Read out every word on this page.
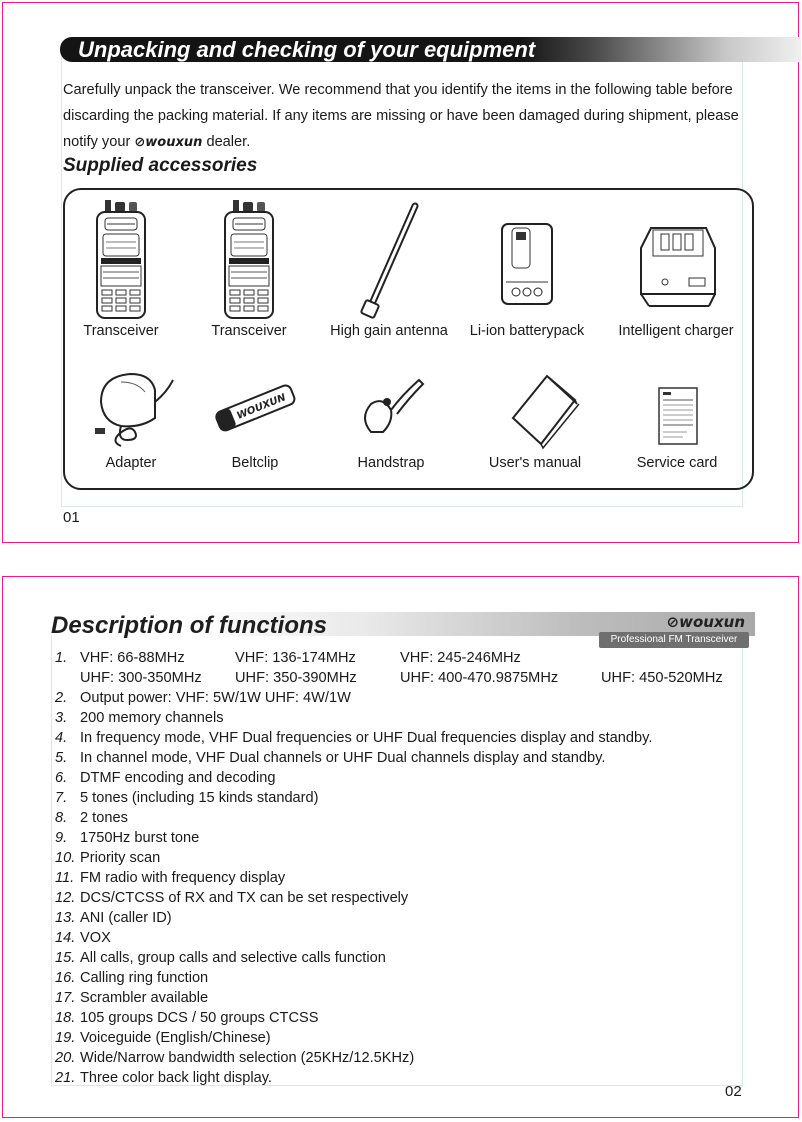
Unpacking and checking of your equipment
Carefully unpack the transceiver. We recommend that you identify the items in the following table before discarding the packing material. If any items are missing or have been damaged during shipment, please notify your ⊘wouxun dealer.
Supplied accessories
Transceiver	Transceiver	High gain antenna	Li-ion batterypack	Intelligent charger
Adapter
WOUXUN
Beltclip	Handstrap	User's manual	Service card
01
Description of functions	⊘wouxun
Professional FM Transceiver
1. VHF: 66-88MHz	VHF: 136-174MHz	VHF: 245-246MHz
UHF: 300-350MHz	UHF: 350-390MHz	UHF: 400-470.9875MHz	UHF: 450-520MHz
2. Output power: VHF: 5W/1W UHF: 4W/1W
3. 200 memory channels
4. In frequency mode, VHF Dual frequencies or UHF Dual frequencies display and standby.
5. In channel mode, VHF Dual channels or UHF Dual channels display and standby.
6. DTMF encoding and decoding
7. 5 tones (including 15 kinds standard)
8. 2 tones
9. 1750Hz burst tone
10. Priority scan
11. FM radio with frequency display
12. DCS/CTCSS of RX and TX can be set respectively
13. ANI (caller ID)
14. VOX
15. All calls, group calls and selective calls function
16. Calling ring function
17. Scrambler available
18. 105 groups DCS / 50 groups CTCSS
19. Voiceguide (English/Chinese)
20. Wide/Narrow bandwidth selection (25KHz/12.5KHz)
21. Three color back light display.
02
